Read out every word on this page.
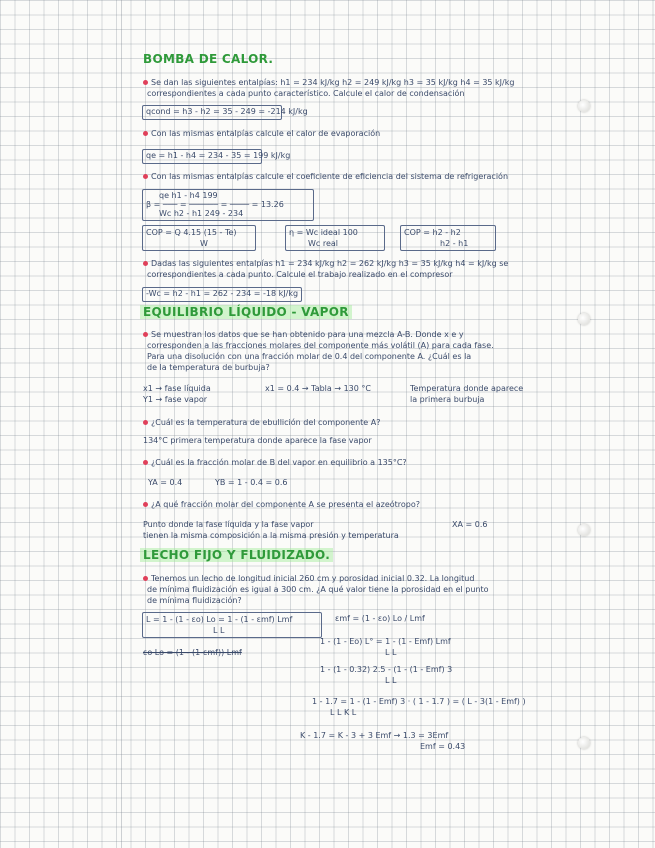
BOMBA DE CALOR.
Se dan las siguientes entalpías: h1 = 234 kJ/kg h2 = 249 kJ/kg h3 = 35 kJ/kg h4 = 35 kJ/kg
correspondientes a cada punto característico. Calcule el calor de condensación
qcond = h3 - h2 = 35 - 249 = -214 kJ/kg
Con las mismas entalpías calcule el calor de evaporación
qe = h1 - h4 = 234 - 35 = 199 kJ/kg
Con las mismas entalpías calcule el coeficiente de eficiencia del sistema de refrigeración
qe h1 - h4 199
β = ─── = ────── = ──── = 13.26
Wc h2 - h1 249 - 234
COP = Q 4.15 (15 - Te)
W
η = Wc ideal 100
Wc real
COP = h2 - h2
h2 - h1
Dadas las siguientes entalpías h1 = 234 kJ/kg h2 = 262 kJ/kg h3 = 35 kJ/kg h4 = kJ/kg se
correspondientes a cada punto. Calcule el trabajo realizado en el compresor
-Wc = h2 - h1 = 262 - 234 = -18 kJ/kg
EQUILIBRIO LÍQUIDO - VAPOR
Se muestran los datos que se han obtenido para una mezcla A-B. Donde x e y
corresponden a las fracciones molares del componente más volátil (A) para cada fase.
Para una disolución con una fracción molar de 0.4 del componente A. ¿Cuál es la
de la temperatura de burbuja?
x1 → fase líquida
Y1 → fase vapor
x1 = 0.4 → Tabla → 130 °C	Temperatura donde aparece
la primera burbuja
¿Cuál es la temperatura de ebullición del componente A?
134°C primera temperatura donde aparece la fase vapor
¿Cuál es la fracción molar de B del vapor en equilibrio a 135°C?
YA = 0.4	YB = 1 - 0.4 = 0.6
¿A qué fracción molar del componente A se presenta el azeótropo?
Punto donde la fase líquida y la fase vapor
tienen la misma composición a la misma presión y temperatura
XA = 0.6
LECHO FIJO Y FLUIDIZADO.
Tenemos un lecho de longitud inicial 260 cm y porosidad inicial 0.32. La longitud
de mínima fluidización es igual a 300 cm. ¿A qué valor tiene la porosidad en el punto
de mínima fluidización?
L = 1 - (1 - εo) Lo = 1 - (1 - εmf) Lmf
L L
εmf = (1 - εo) Lo / Lmf
εo Lo = (1 - (1-εmf)) Lmf
1 - (1 - Eo) L° = 1 - (1 - Emf) Lmf
L L
1 - (1 - 0.32) 2.5 - (1 - (1 - Emf) 3
L L
1 - 1.7 = 1 - (1 - Emf) 3 · ( 1 - 1.7 ) = ( L - 3(1 - Emf) )
L L K L
K - 1.7 = K - 3 + 3 Emf → 1.3 = 3Emf
Emf = 0.43
